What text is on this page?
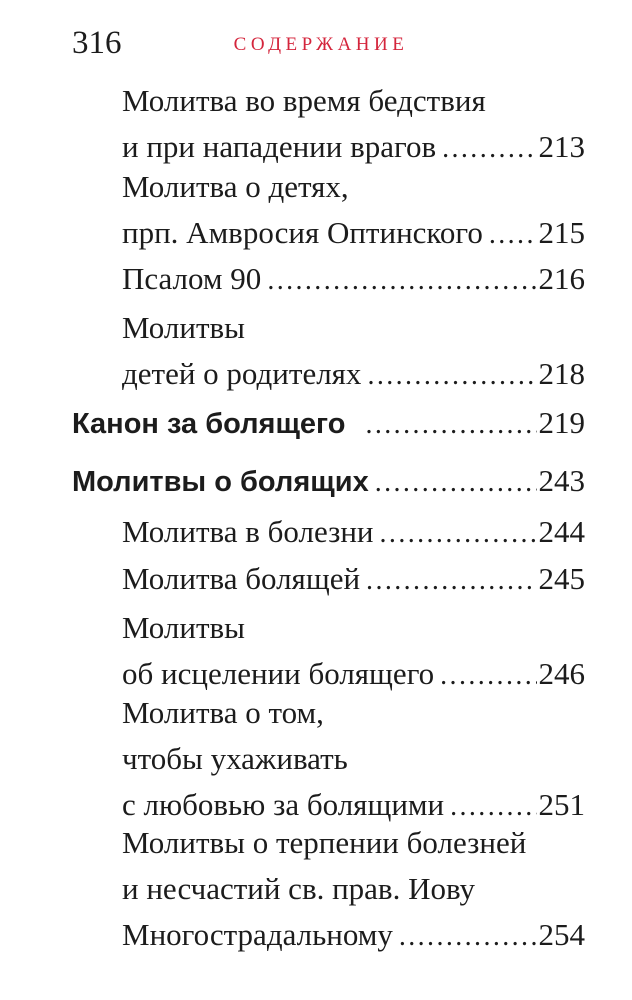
316	СОДЕРЖАНИЕ
Молитва во время бедствия
и при нападении врагов .....	213
Молитва о детях,
прп. Амвросия Оптинского ..... 215
Псалом 90 .....	216
Молитвы
детей о родителях .....	218
Канон за болящего .....	219
Молитвы о болящих .....	243
Молитва в болезни .....	244
Молитва болящей .....	245
Молитвы
об исцелении болящего .....	246
Молитва о том,
чтобы ухаживать
с любовью за болящими .....	251
Молитвы о терпении болезней
и несчастий св. прав. Иову
Многострадальному .....	254
